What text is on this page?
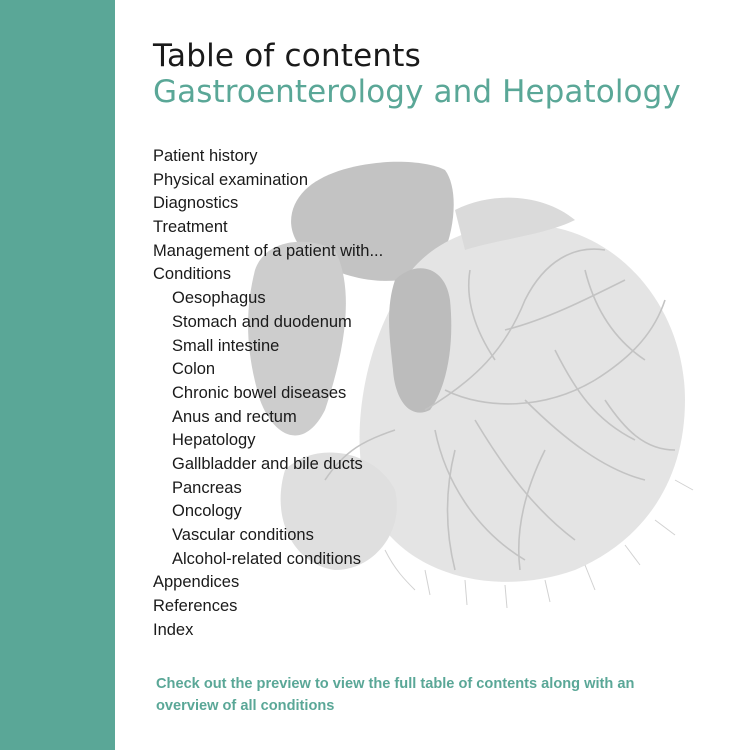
Table of contents
Gastroenterology and Hepatology
Patient history
Physical examination
Diagnostics
Treatment
Management of a patient with...
Conditions
Oesophagus
Stomach and duodenum
Small intestine
Colon
Chronic bowel diseases
Anus and rectum
Hepatology
Gallbladder and bile ducts
Pancreas
Oncology
Vascular conditions
Alcohol-related conditions
Appendices
References
Index
Check out the preview to view the full table of contents along with an overview of all conditions
